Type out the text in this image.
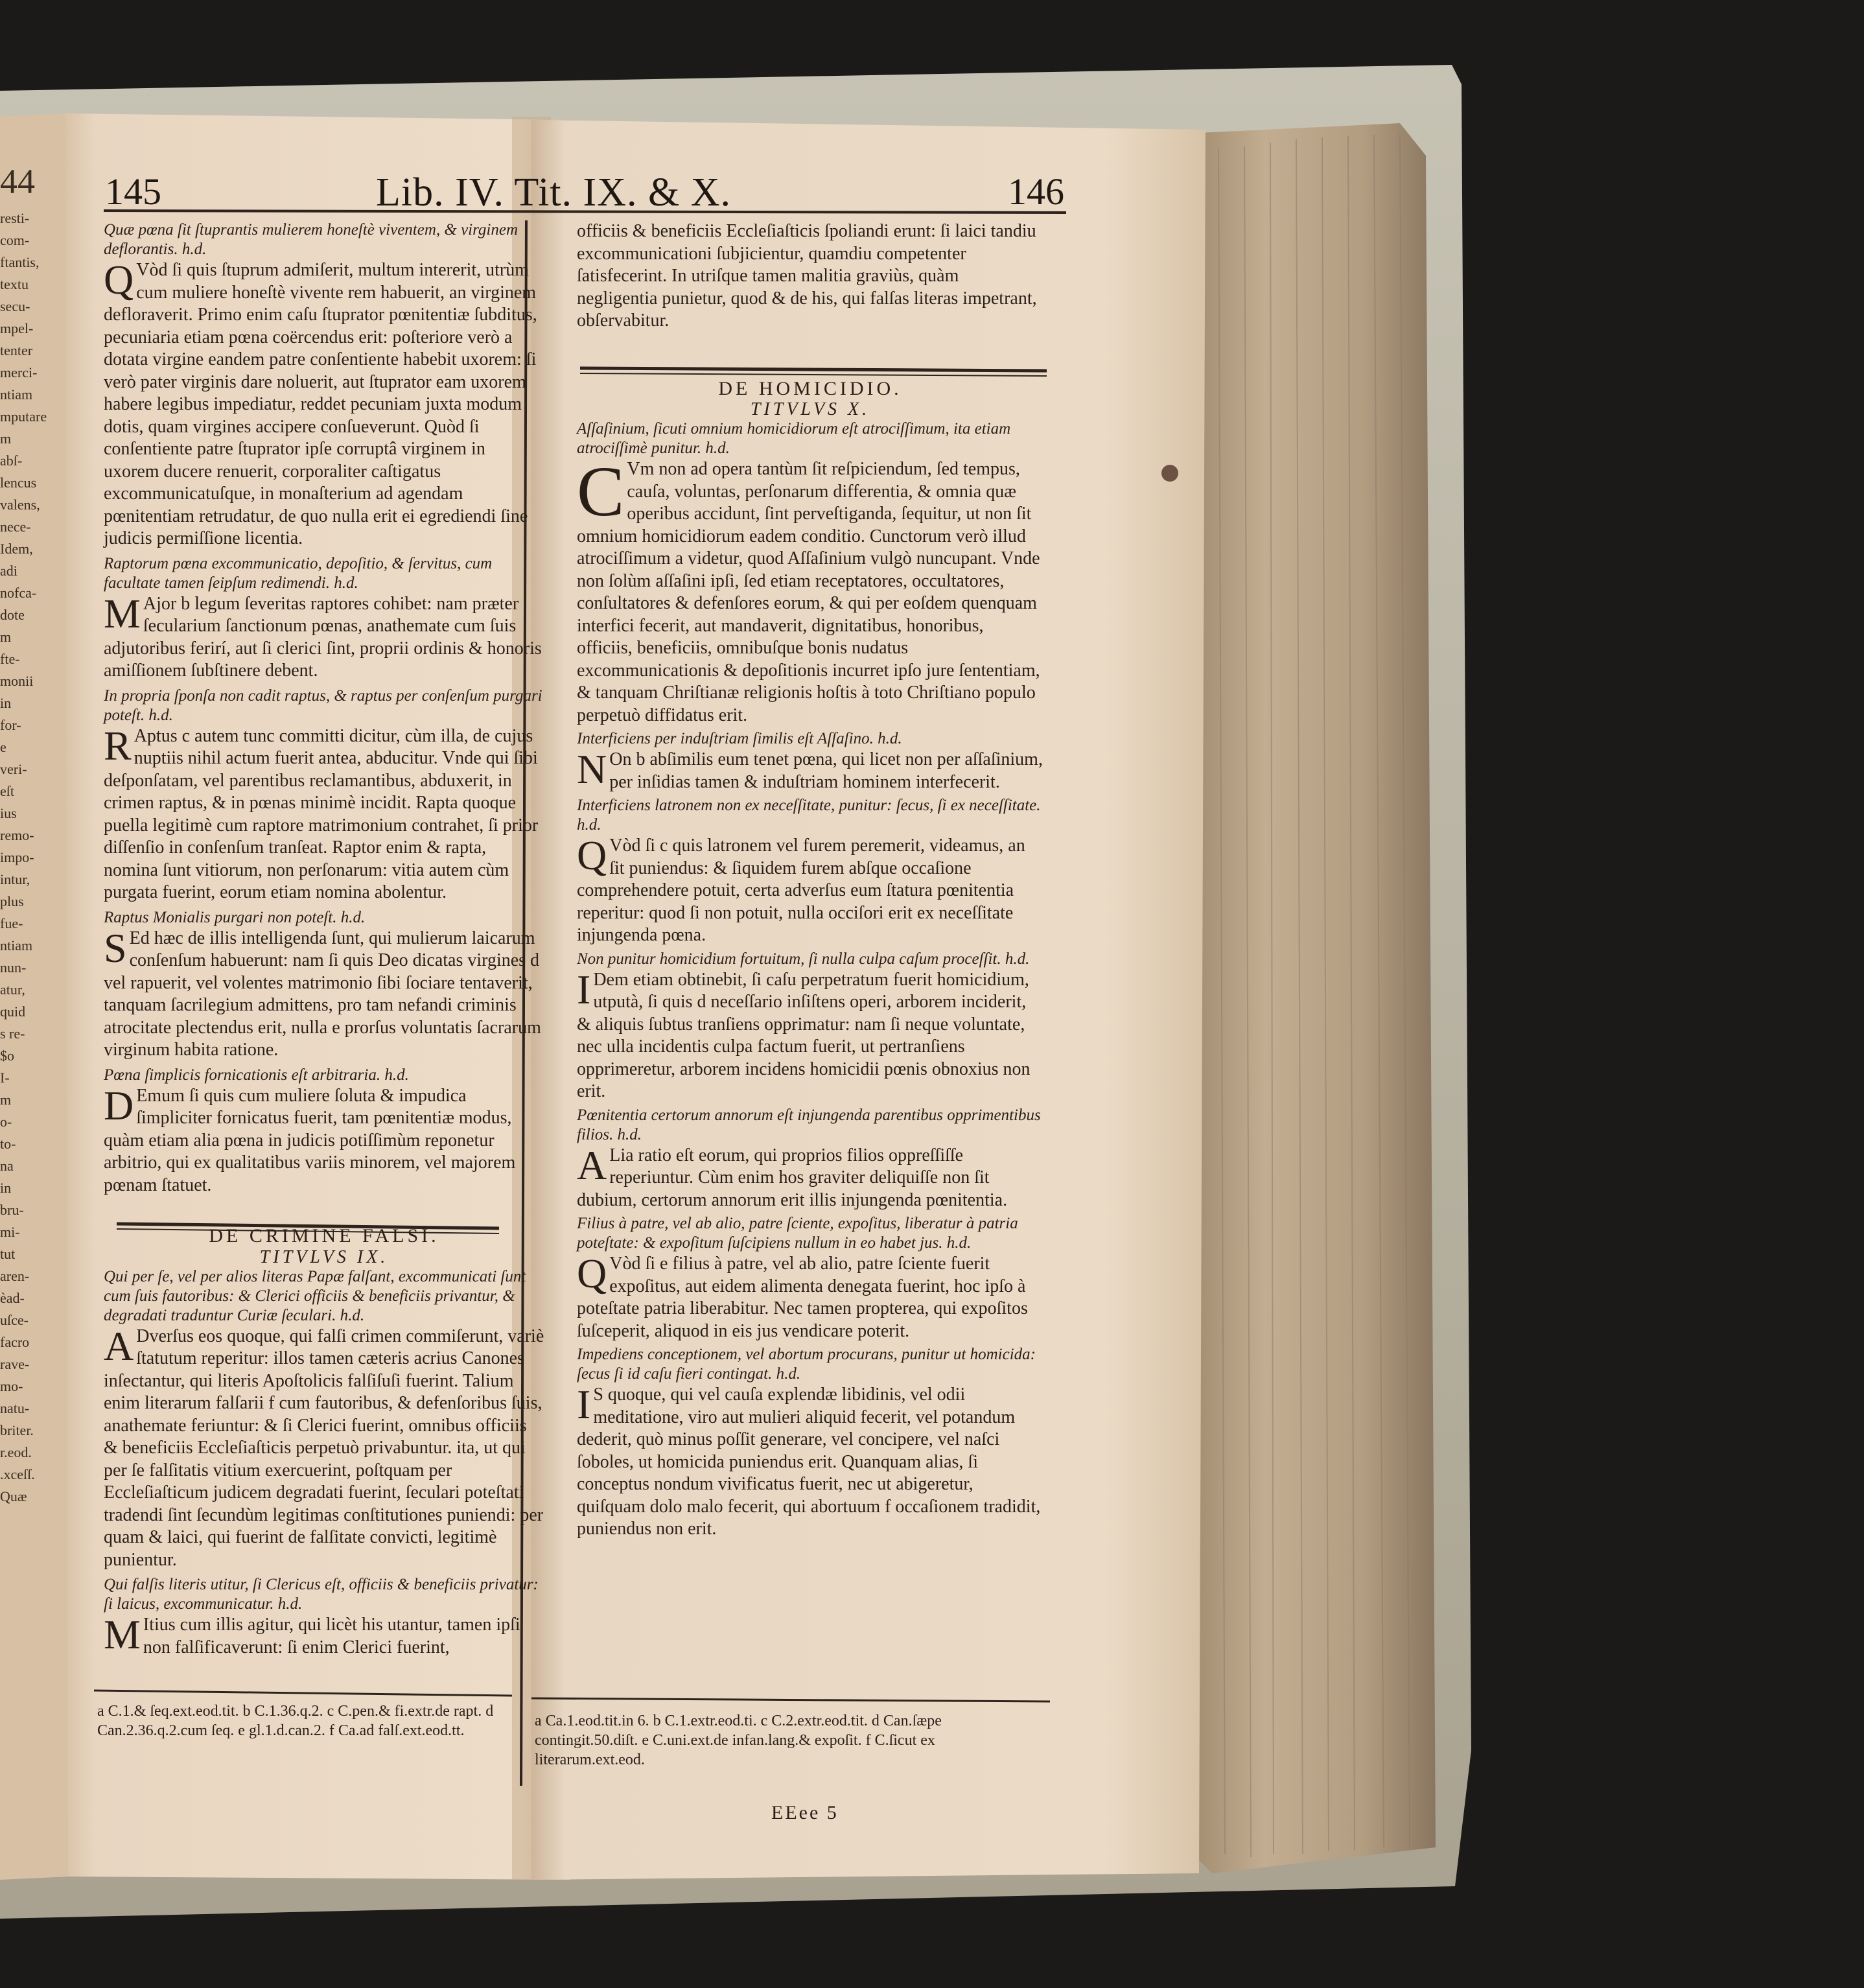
44
resti-
com-
ftantis,
textu
secu-
mpel-
tenter
merci-
ntiam
mputare
m abſ-
lencus
valens,
nece-
Idem,
adi
nofca-
dote
m fte-
monii
in for-
e veri-
eſt ius
remo-
impo-
intur,
plus
fue-
ntiam
nun-
atur,
quid
s re-
$o
I-
m
o-
to-
na
in
bru-
mi-
tut
aren-
èad-
uſce-
facro
rave-
mo-
natu-
briter.
r.eod.
.xceſſ.
Quæ
145	Lib. IV. Tit. IX. & X.	146

Quæ pœna ſit ſtuprantis mulierem honeſtè viventem, & virginem deflorantis. h.d.

Q Vòd ſi quis ſtuprum admiſerit, multum intererit, utrùm cum muliere honeſtè vivente rem habuerit, an virginem defloraverit. Primo enim caſu ſtuprator pœnitentiæ ſubditus, pecuniaria etiam pœna coërcendus erit: poſteriore verò a dotata virgine eandem patre conſentiente habebit uxorem: ſi verò pater virginis dare noluerit, aut ſtuprator eam uxorem habere legibus impediatur, reddet pecuniam juxta modum dotis, quam virgines accipere conſueverunt. Quòd ſi conſentiente patre ſtuprator ipſe corruptâ virginem in uxorem ducere renuerit, corporaliter caſtigatus excommunicatuſque, in monaſterium ad agendam pœnitentiam retrudatur, de quo nulla erit ei egrediendi ſine judicis permiſſione licentia.

Raptorum pœna excommunicatio, depoſitio, & ſervitus, cum facultate tamen ſeipſum redimendi. h.d.

M Ajor b legum ſeveritas raptores cohibet: nam præter ſecularium ſanctionum pœnas, anathemate cum ſuis adjutoribus ferirí, aut ſi clerici ſint, proprii ordinis & honoris amiſſionem ſubſtinere debent.

In propria ſponſa non cadit raptus, & raptus per conſenſum purgari poteſt. h.d.

R Aptus c autem tunc committi dicitur, cùm illa, de cujus nuptiis nihil actum fuerit antea, abducitur. Vnde qui ſibi deſponſatam, vel parentibus reclamantibus, abduxerit, in crimen raptus, & in pœnas minimè incidit. Rapta quoque puella legitimè cum raptore matrimonium contrahet, ſi prior diſſenſio in conſenſum tranſeat. Raptor enim & rapta, nomina ſunt vitiorum, non perſonarum: vitia autem cùm purgata fuerint, eorum etiam nomina abolentur.

Raptus Monialis purgari non poteſt. h.d.

S Ed hæc de illis intelligenda ſunt, qui mulierum laicarum conſenſum habuerunt: nam ſi quis Deo dicatas virgines d vel rapuerit, vel volentes matrimonio ſibi ſociare tentaverit, tanquam ſacrilegium admittens, pro tam nefandi criminis atrocitate plectendus erit, nulla e prorſus voluntatis ſacrarum virginum habita ratione.

Pœna ſimplicis fornicationis eſt arbitraria. h.d.

D Emum ſi quis cum muliere ſoluta & impudica ſimpliciter fornicatus fuerit, tam pœnitentiæ modus, quàm etiam alia pœna in judicis potiſſimùm reponetur arbitrio, qui ex qualitatibus variis minorem, vel majorem pœnam ſtatuet.

DE CRIMINE FALSI.

TITVLVS IX.

Qui per ſe, vel per alios literas Papæ falſant, excommunicati ſunt cum ſuis fautoribus: & Clerici officiis & beneficiis privantur, & degradati traduntur Curiæ ſeculari. h.d.

A Dverſus eos quoque, qui falſi crimen commiſerunt, variè ſtatutum reperitur: illos tamen cæteris acrius Canones inſectantur, qui literis Apoſtolicis falſiſuſi fuerint. Talium enim literarum falſarii f cum fautoribus, & defenſoribus ſuis, anathemate feriuntur: & ſi Clerici fuerint, omnibus officiis & beneficiis Eccleſiaſticis perpetuò privabuntur. ita, ut qui per ſe falſitatis vitium exercuerint, poſtquam per Eccleſiaſticum judicem degradati fuerint, ſeculari poteſtati tradendi ſint ſecundùm legitimas conſtitutiones puniendi: per quam & laici, qui fuerint de falſitate convicti, legitimè punientur.

Qui falſis literis utitur, ſi Clericus eſt, officiis & beneficiis privatur: ſi laicus, excommunicatur. h.d.

M Itius cum illis agitur, qui licèt his utantur, tamen ipſi non falſificaverunt: ſi enim Clerici fuerint,

a C.1.& ſeq.ext.eod.tit. b C.1.36.q.2. c C.pen.& fi.extr.de rapt. d Can.2.36.q.2.cum ſeq. e gl.1.d.can.2. f Ca.ad falſ.ext.eod.tt.

officiis & beneficiis Eccleſiaſticis ſpoliandi erunt: ſi laici tandiu excommunicationi ſubjicientur, quamdiu competenter ſatisfecerint. In utriſque tamen malitia graviùs, quàm negligentia punietur, quod & de his, qui falſas literas impetrant, obſervabitur.

DE HOMICIDIO.

TITVLVS X.

Aſſaſinium, ſicuti omnium homicidiorum eſt atrociſſimum, ita etiam atrociſſimè punitur. h.d.

C Vm non ad opera tantùm ſit reſpiciendum, ſed tempus, cauſa, voluntas, perſonarum differentia, & omnia quæ operibus accidunt, ſint perveſtiganda, ſequitur, ut non ſit omnium homicidiorum eadem conditio. Cunctorum verò illud atrociſſimum a videtur, quod Aſſaſinium vulgò nuncupant. Vnde non ſolùm aſſaſini ipſi, ſed etiam receptatores, occultatores, conſultatores & defenſores eorum, & qui per eoſdem quenquam interfici fecerit, aut mandaverit, dignitatibus, honoribus, officiis, beneficiis, omnibuſque bonis nudatus excommunicationis & depoſitionis incurret ipſo jure ſententiam, & tanquam Chriſtianæ religionis hoſtis à toto Chriſtiano populo perpetuò diffidatus erit.

Interficiens per induſtriam ſimilis eſt Aſſaſino. h.d.

N On b abſimilis eum tenet pœna, qui licet non per aſſaſinium, per inſidias tamen & induſtriam hominem interfecerit.

Interficiens latronem non ex neceſſitate, punitur: ſecus, ſi ex neceſſitate. h.d.

Q Vòd ſi c quis latronem vel furem peremerit, videamus, an ſit puniendus: & ſiquidem furem abſque occaſione comprehendere potuit, certa adverſus eum ſtatura pœnitentia reperitur: quod ſi non potuit, nulla occiſori erit ex neceſſitate injungenda pœna.

Non punitur homicidium fortuitum, ſi nulla culpa caſum proceſſit. h.d.

I Dem etiam obtinebit, ſi caſu perpetratum fuerit homicidium, utputà, ſi quis d neceſſario inſiſtens operi, arborem inciderit, & aliquis ſubtus tranſiens opprimatur: nam ſi neque voluntate, nec ulla incidentis culpa factum fuerit, ut pertranſiens opprimeretur, arborem incidens homicidii pœnis obnoxius non erit.

Pœnitentia certorum annorum eſt injungenda parentibus opprimentibus filios. h.d.

A Lia ratio eſt eorum, qui proprios filios oppreſſiſſe reperiuntur. Cùm enim hos graviter deliquiſſe non ſit dubium, certorum annorum erit illis injungenda pœnitentia.

Filius à patre, vel ab alio, patre ſciente, expoſitus, liberatur à patria poteſtate: & expoſitum ſuſcipiens nullum in eo habet jus. h.d.

Q Vòd ſi e filius à patre, vel ab alio, patre ſciente fuerit expoſitus, aut eidem alimenta denegata fuerint, hoc ipſo à poteſtate patria liberabitur. Nec tamen propterea, qui expoſitos ſuſceperit, aliquod in eis jus vendicare poterit.

Impediens conceptionem, vel abortum procurans, punitur ut homicida: ſecus ſi id caſu fieri contingat. h.d.

I S quoque, qui vel cauſa explendæ libidinis, vel odii meditatione, viro aut mulieri aliquid fecerit, vel potandum dederit, quò minus poſſit generare, vel concipere, vel naſci ſoboles, ut homicida puniendus erit. Quanquam alias, ſi conceptus nondum vivificatus fuerit, nec ut abigeretur, quiſquam dolo malo fecerit, qui abortuum f occaſionem tradidit, puniendus non erit.

a Ca.1.eod.tit.in 6. b C.1.extr.eod.ti. c C.2.extr.eod.tit. d Can.ſæpe contingit.50.diſt. e C.uni.ext.de infan.lang.& expoſit. f C.ſicut ex literarum.ext.eod.
EEee 5
